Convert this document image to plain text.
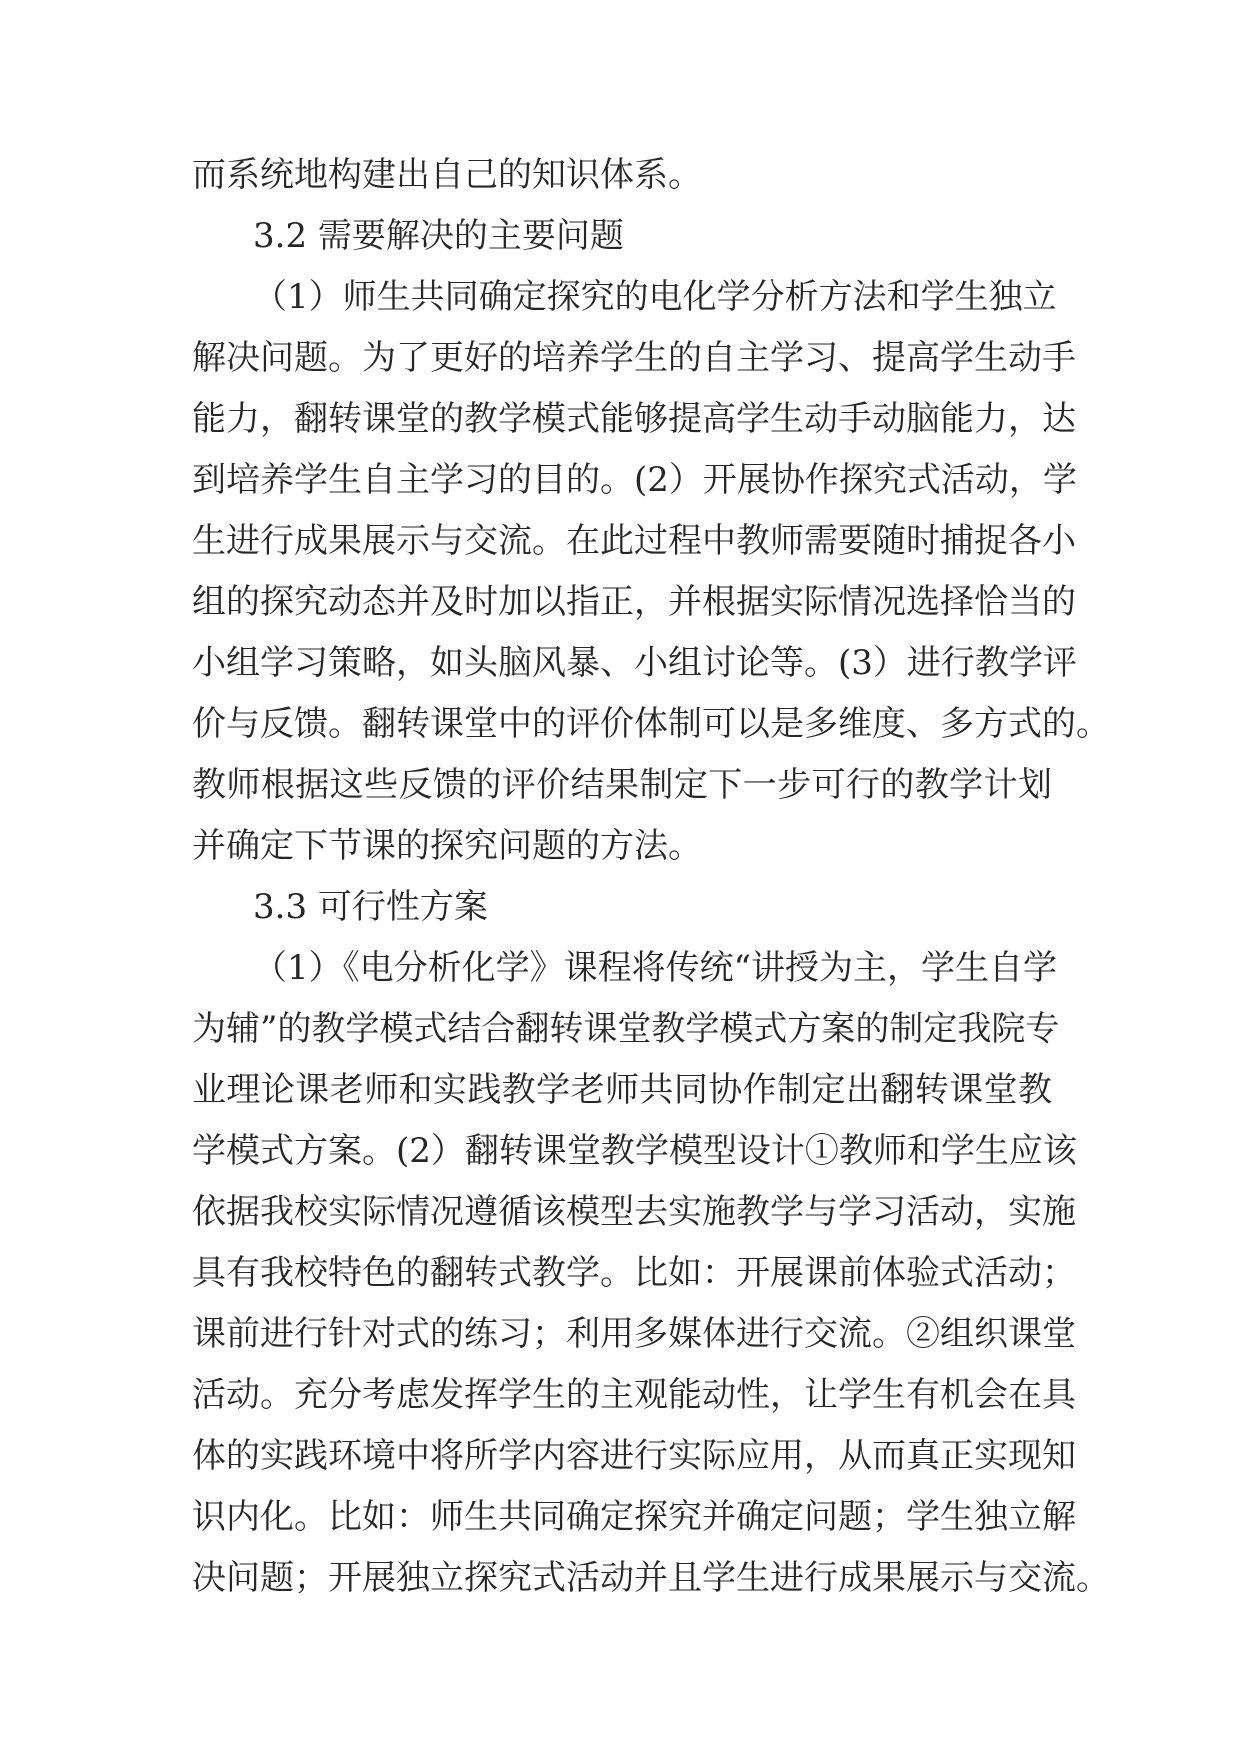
而系统地构建出自己的知识体系。
3.2 需要解决的主要问题
（1）师生共同确定探究的电化学分析方法和学生独立
解决问题。为了更好的培养学生的自主学习、提高学生动手
能力，翻转课堂的教学模式能够提高学生动手动脑能力，达
到培养学生自主学习的目的。(2）开展协作探究式活动，学
生进行成果展示与交流。在此过程中教师需要随时捕捉各小
组的探究动态并及时加以指正，并根据实际情况选择恰当的
小组学习策略，如头脑风暴、小组讨论等。(3）进行教学评
价与反馈。翻转课堂中的评价体制可以是多维度、多方式的。
教师根据这些反馈的评价结果制定下一步可行的教学计划
并确定下节课的探究问题的方法。
3.3 可行性方案
（1）《电分析化学》课程将传统“讲授为主，学生自学
为辅”的教学模式结合翻转课堂教学模式方案的制定我院专
业理论课老师和实践教学老师共同协作制定出翻转课堂教
学模式方案。(2）翻转课堂教学模型设计①教师和学生应该
依据我校实际情况遵循该模型去实施教学与学习活动，实施
具有我校特色的翻转式教学。比如：开展课前体验式活动；
课前进行针对式的练习；利用多媒体进行交流。②组织课堂
活动。充分考虑发挥学生的主观能动性，让学生有机会在具
体的实践环境中将所学内容进行实际应用，从而真正实现知
识内化。比如：师生共同确定探究并确定问题；学生独立解
决问题；开展独立探究式活动并且学生进行成果展示与交流。
